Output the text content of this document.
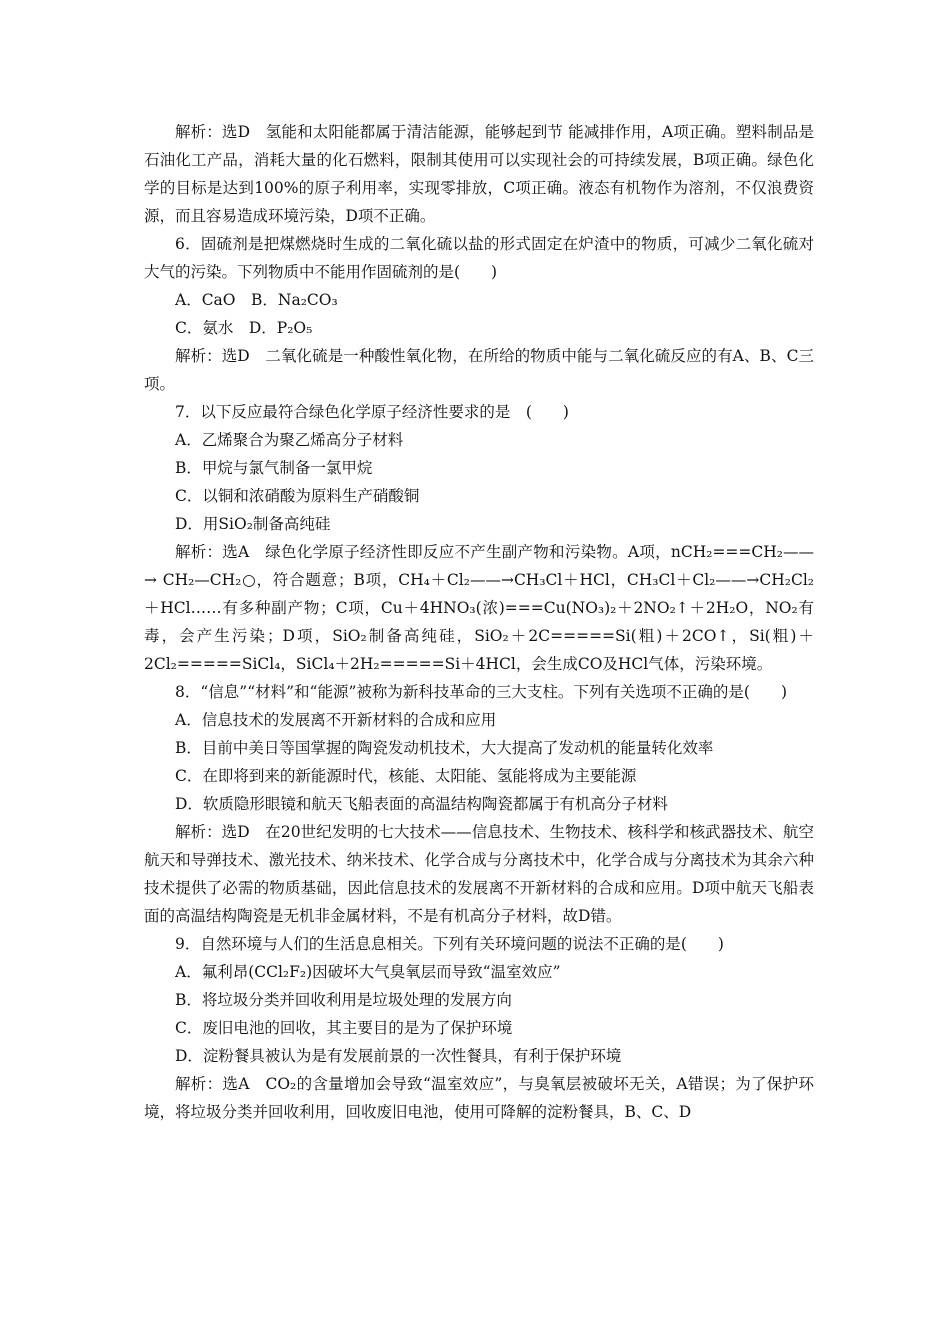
解析：选D　氢能和太阳能都属于清洁能源，能够起到节 能减排作用，A项正确。塑料制品是石油化工产品，消耗大量的化石燃料，限制其使用可以实现社会的可持续发展，B项正确。绿色化学的目标是达到100%的原子利用率，实现零排放，C项正确。液态有机物作为溶剂，不仅浪费资源，而且容易造成环境污染，D项不正确。

6．固硫剂是把煤燃烧时生成的二氧化硫以盐的形式固定在炉渣中的物质，可减少二氧化硫对大气的污染。下列物质中不能用作固硫剂的是(　　)

A．CaO　B．Na₂CO₃

C．氨水　D．P₂O₅

解析：选D　二氧化硫是一种酸性氧化物，在所给的物质中能与二氧化硫反应的有A、B、C三项。

7．以下反应最符合绿色化学原子经济性要求的是　(　　)

A．乙烯聚合为聚乙烯高分子材料

B．甲烷与氯气制备一氯甲烷

C．以铜和浓硝酸为原料生产硝酸铜

D．用SiO₂制备高纯硅

解析：选A　绿色化学原子经济性即反应不产生副产物和污染物。A项，nCH₂===CH₂——→ CH₂—CH₂○，符合题意；B项，CH₄＋Cl₂——→CH₃Cl＋HCl，CH₃Cl＋Cl₂——→CH₂Cl₂＋HCl……有多种副产物；C项，Cu＋4HNO₃(浓)===Cu(NO₃)₂＋2NO₂↑＋2H₂O，NO₂有毒，会产生污染；D项，SiO₂制备高纯硅，SiO₂＋2C=====Si(粗)＋2CO↑，Si(粗)＋2Cl₂=====SiCl₄，SiCl₄＋2H₂=====Si＋4HCl，会生成CO及HCl气体，污染环境。

8．“信息”“材料”和“能源”被称为新科技革命的三大支柱。下列有关选项不正确的是(　　)

A．信息技术的发展离不开新材料的合成和应用

B．目前中美日等国掌握的陶瓷发动机技术，大大提高了发动机的能量转化效率

C．在即将到来的新能源时代，核能、太阳能、氢能将成为主要能源

D．软质隐形眼镜和航天飞船表面的高温结构陶瓷都属于有机高分子材料

解析：选D　在20世纪发明的七大技术——信息技术、生物技术、核科学和核武器技术、航空航天和导弹技术、激光技术、纳米技术、化学合成与分离技术中，化学合成与分离技术为其余六种技术提供了必需的物质基础，因此信息技术的发展离不开新材料的合成和应用。D项中航天飞船表面的高温结构陶瓷是无机非金属材料，不是有机高分子材料，故D错。

9．自然环境与人们的生活息息相关。下列有关环境问题的说法不正确的是(　　)

A．氟利昂(CCl₂F₂)因破坏大气臭氧层而导致“温室效应”

B．将垃圾分类并回收利用是垃圾处理的发展方向

C．废旧电池的回收，其主要目的是为了保护环境

D．淀粉餐具被认为是有发展前景的一次性餐具，有利于保护环境

解析：选A　CO₂的含量增加会导致“温室效应”，与臭氧层被破坏无关，A错误；为了保护环境，将垃圾分类并回收利用，回收废旧电池，使用可降解的淀粉餐具，B、C、D
